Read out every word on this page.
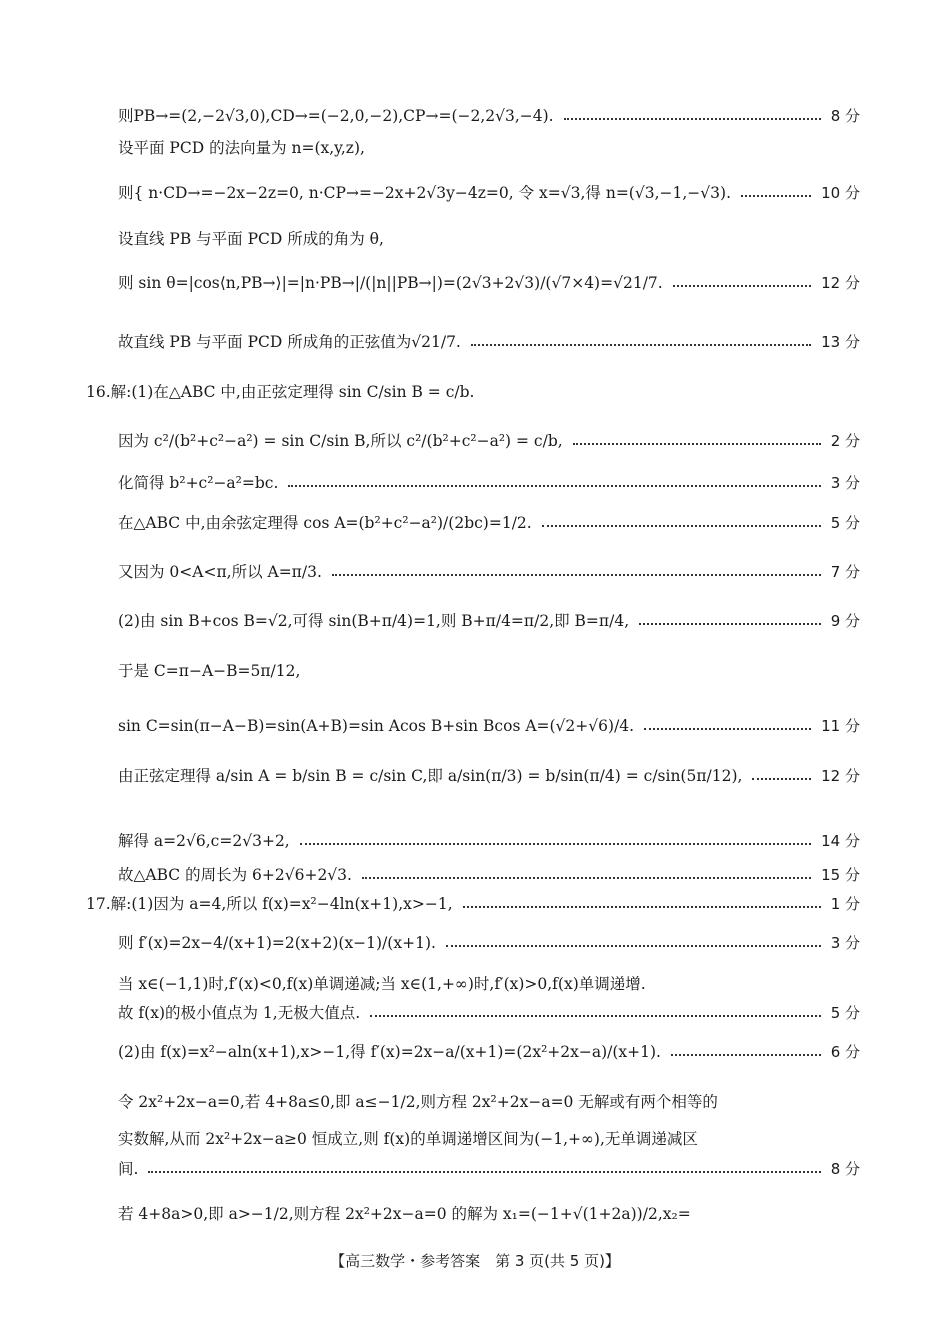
则PB→=(2,−2√3,0),CD→=(−2,0,−2),CP→=(−2,2√3,−4).	8 分
设平面 PCD 的法向量为 n=(x,y,z),
则{ n·CD→=−2x−2z=0, n·CP→=−2x+2√3y−4z=0, 令 x=√3,得 n=(√3,−1,−√3).	10 分
设直线 PB 与平面 PCD 所成的角为 θ,
则 sin θ=|cos⟨n,PB→⟩|=|n·PB→|/(|n||PB→|)=(2√3+2√3)/(√7×4)=√21/7.	12 分
故直线 PB 与平面 PCD 所成角的正弦值为√21/7.	13 分
16.解:(1)在△ABC 中,由正弦定理得 sin C/sin B = c/b.
因为 c²/(b²+c²−a²) = sin C/sin B,所以 c²/(b²+c²−a²) = c/b,	2 分
化简得 b²+c²−a²=bc.	3 分
在△ABC 中,由余弦定理得 cos A=(b²+c²−a²)/(2bc)=1/2.	5 分
又因为 0<A<π,所以 A=π/3.	7 分
(2)由 sin B+cos B=√2,可得 sin(B+π/4)=1,则 B+π/4=π/2,即 B=π/4,	9 分
于是 C=π−A−B=5π/12,
sin C=sin(π−A−B)=sin(A+B)=sin Acos B+sin Bcos A=(√2+√6)/4.	11 分
由正弦定理得 a/sin A = b/sin B = c/sin C,即 a/sin(π/3) = b/sin(π/4) = c/sin(5π/12),	12 分
解得 a=2√6,c=2√3+2,	14 分
故△ABC 的周长为 6+2√6+2√3.	15 分
17.解:(1)因为 a=4,所以 f(x)=x²−4ln(x+1),x>−1,	1 分
则 f′(x)=2x−4/(x+1)=2(x+2)(x−1)/(x+1).	3 分
当 x∈(−1,1)时,f′(x)<0,f(x)单调递减;当 x∈(1,+∞)时,f′(x)>0,f(x)单调递增.
故 f(x)的极小值点为 1,无极大值点.	5 分
(2)由 f(x)=x²−aln(x+1),x>−1,得 f′(x)=2x−a/(x+1)=(2x²+2x−a)/(x+1).	6 分
令 2x²+2x−a=0,若 4+8a≤0,即 a≤−1/2,则方程 2x²+2x−a=0 无解或有两个相等的
实数解,从而 2x²+2x−a≥0 恒成立,则 f(x)的单调递增区间为(−1,+∞),无单调递减区
间.	8 分
若 4+8a>0,即 a>−1/2,则方程 2x²+2x−a=0 的解为 x₁=(−1+√(1+2a))/2,x₂=
【高三数学・参考答案　第 3 页(共 5 页)】
